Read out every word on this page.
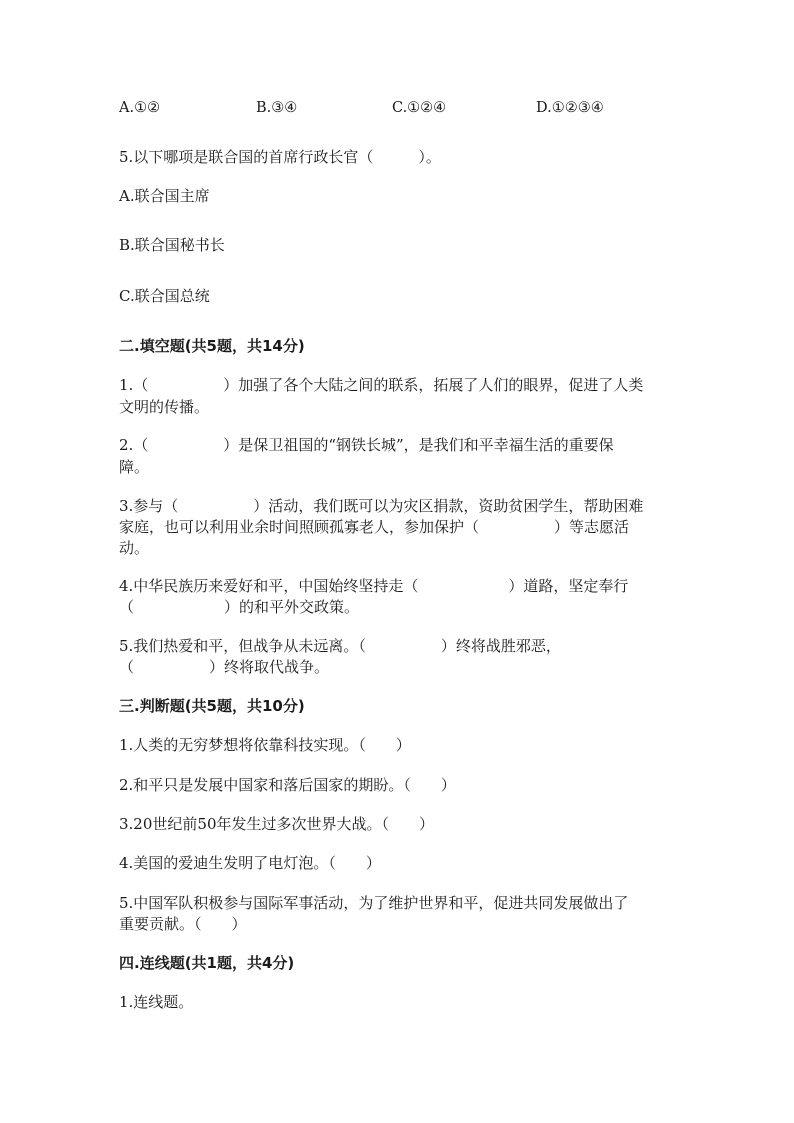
A.①②	B.③④	C.①②④	D.①②③④
5.以下哪项是联合国的首席行政长官（　　　）。
A.联合国主席
B.联合国秘书长
C.联合国总统
二.填空题(共5题，共14分)
1.（　　　　　）加强了各个大陆之间的联系，拓展了人们的眼界，促进了人类
文明的传播。
2.（　　　　　）是保卫祖国的“钢铁长城”，是我们和平幸福生活的重要保
障。
3.参与（　　　　　）活动，我们既可以为灾区捐款，资助贫困学生，帮助困难
家庭，也可以利用业余时间照顾孤寡老人，参加保护（　　　　　）等志愿活
动。
4.中华民族历来爱好和平，中国始终坚持走（　　　　　　）道路，坚定奉行
（　　　　　　）的和平外交政策。
5.我们热爱和平，但战争从未远离。（　　　　　）终将战胜邪恶，
（　　　　　）终将取代战争。
三.判断题(共5题，共10分)
1.人类的无穷梦想将依靠科技实现。（　　）
2.和平只是发展中国家和落后国家的期盼。（　　）
3.20世纪前50年发生过多次世界大战。（　　）
4.美国的爱迪生发明了电灯泡。（　　）
5.中国军队积极参与国际军事活动，为了维护世界和平，促进共同发展做出了
重要贡献。（　　）
四.连线题(共1题，共4分)
1.连线题。
